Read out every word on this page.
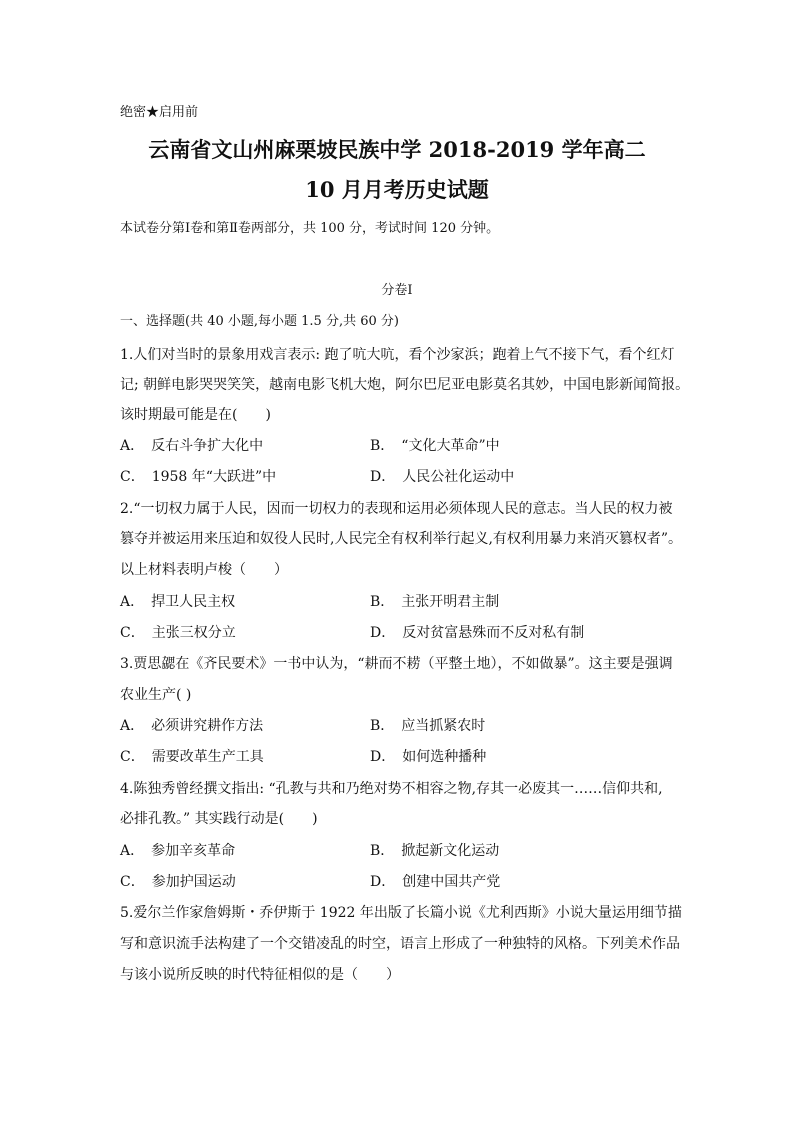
绝密★启用前
云南省文山州麻栗坡民族中学 2018-2019 学年高二
10 月月考历史试题
本试卷分第Ⅰ卷和第Ⅱ卷两部分，共 100 分，考试时间 120 分钟。
分卷Ⅰ
一、选择题(共 40 小题,每小题 1.5 分,共 60 分)
1.人们对当时的景象用戏言表示: 跑了吭大吭，看个沙家浜；跑着上气不接下气，看个红灯
记; 朝鲜电影哭哭笑笑，越南电影飞机大炮，阿尔巴尼亚电影莫名其妙，中国电影新闻简报。
该时期最可能是在(　　)
A．　反右斗争扩大化中	B．　“文化大革命”中
C．　1958 年“大跃进”中	D．　人民公社化运动中
2.“一切权力属于人民，因而一切权力的表现和运用必须体现人民的意志。当人民的权力被
篡夺并被运用来压迫和奴役人民时,人民完全有权利举行起义,有权利用暴力来消灭篡权者”。
以上材料表明卢梭（　　）
A．　捍卫人民主权	B．　主张开明君主制
C．　主张三权分立	D．　反对贫富悬殊而不反对私有制
3.贾思勰在《齐民要术》一书中认为，“耕而不耢（平整土地），不如做暴”。这主要是强调
农业生产( )
A．　必须讲究耕作方法	B．　应当抓紧农时
C．　需要改革生产工具	D．　如何选种播种
4.陈独秀曾经撰文指出: “孔教与共和乃绝对势不相容之物,存其一必废其一……信仰共和,
必排孔教。” 其实践行动是(　　)
A．　参加辛亥革命	B．　掀起新文化运动
C．　参加护国运动	D．　创建中国共产党
5.爱尔兰作家詹姆斯・乔伊斯于 1922 年出版了长篇小说《尤利西斯》小说大量运用细节描
写和意识流手法构建了一个交错凌乱的时空，语言上形成了一种独特的风格。下列美术作品
与该小说所反映的时代特征相似的是（　　）
